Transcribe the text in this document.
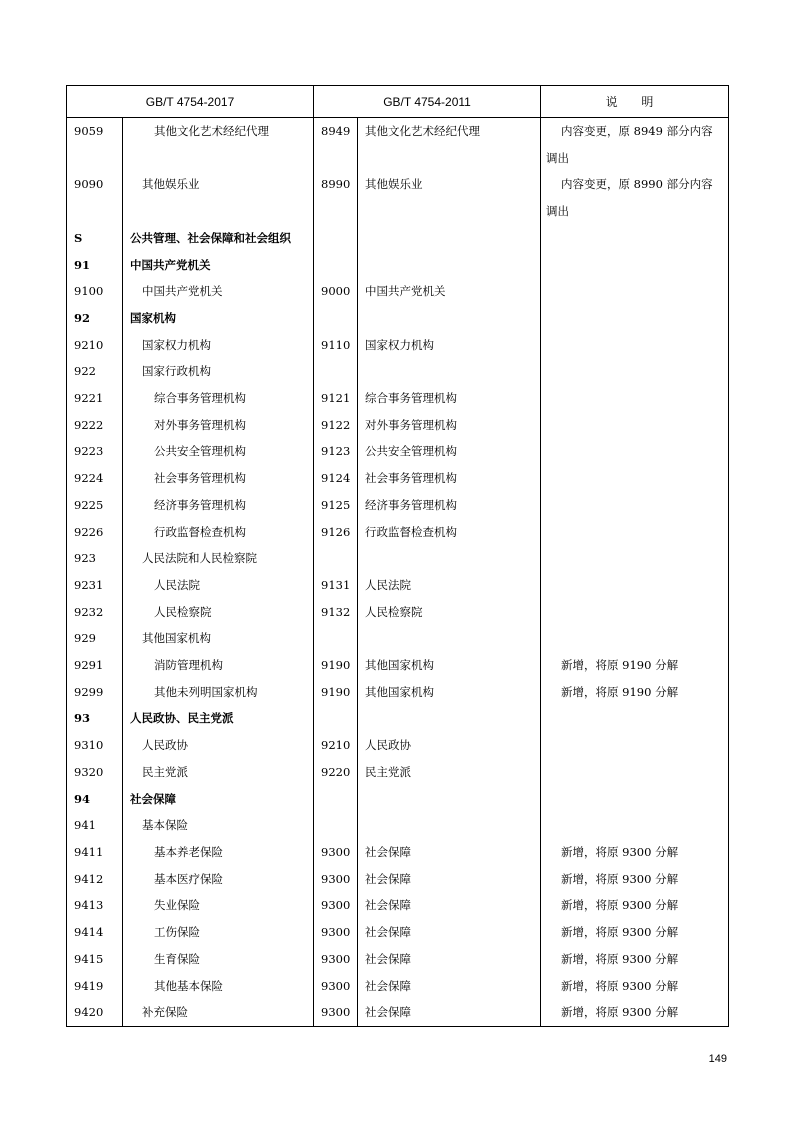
GB/T 4754-2017		GB/T 4754-2011		说 明
9059	其他文化艺术经纪代理	8949	其他文化艺术经纪代理	内容变更，原 8949 部分内容调出

9090	其他娱乐业	8990	其他娱乐业	内容变更，原 8990 部分内容调出

S	公共管理、社会保障和社会组织			

91	中国共产党机关			

9100	中国共产党机关	9000	中国共产党机关	

92	国家机构			

9210	国家权力机构	9110	国家权力机构	

922	国家行政机构			

9221	综合事务管理机构	9121	综合事务管理机构	

9222	对外事务管理机构	9122	对外事务管理机构	

9223	公共安全管理机构	9123	公共安全管理机构	

9224	社会事务管理机构	9124	社会事务管理机构	

9225	经济事务管理机构	9125	经济事务管理机构	

9226	行政监督检查机构	9126	行政监督检查机构	

923	人民法院和人民检察院			

9231	人民法院	9131	人民法院	

9232	人民检察院	9132	人民检察院	

929	其他国家机构			

9291	消防管理机构	9190	其他国家机构	新增，将原 9190 分解

9299	其他未列明国家机构	9190	其他国家机构	新增，将原 9190 分解

93	人民政协、民主党派			

9310	人民政协	9210	人民政协	

9320	民主党派	9220	民主党派	

94	社会保障			

941	基本保险			

9411	基本养老保险	9300	社会保障	新增，将原 9300 分解

9412	基本医疗保险	9300	社会保障	新增，将原 9300 分解

9413	失业保险	9300	社会保障	新增，将原 9300 分解

9414	工伤保险	9300	社会保障	新增，将原 9300 分解

9415	生育保险	9300	社会保障	新增，将原 9300 分解

9419	其他基本保险	9300	社会保障	新增，将原 9300 分解

9420	补充保险	9300	社会保障	新增，将原 9300 分解
149
